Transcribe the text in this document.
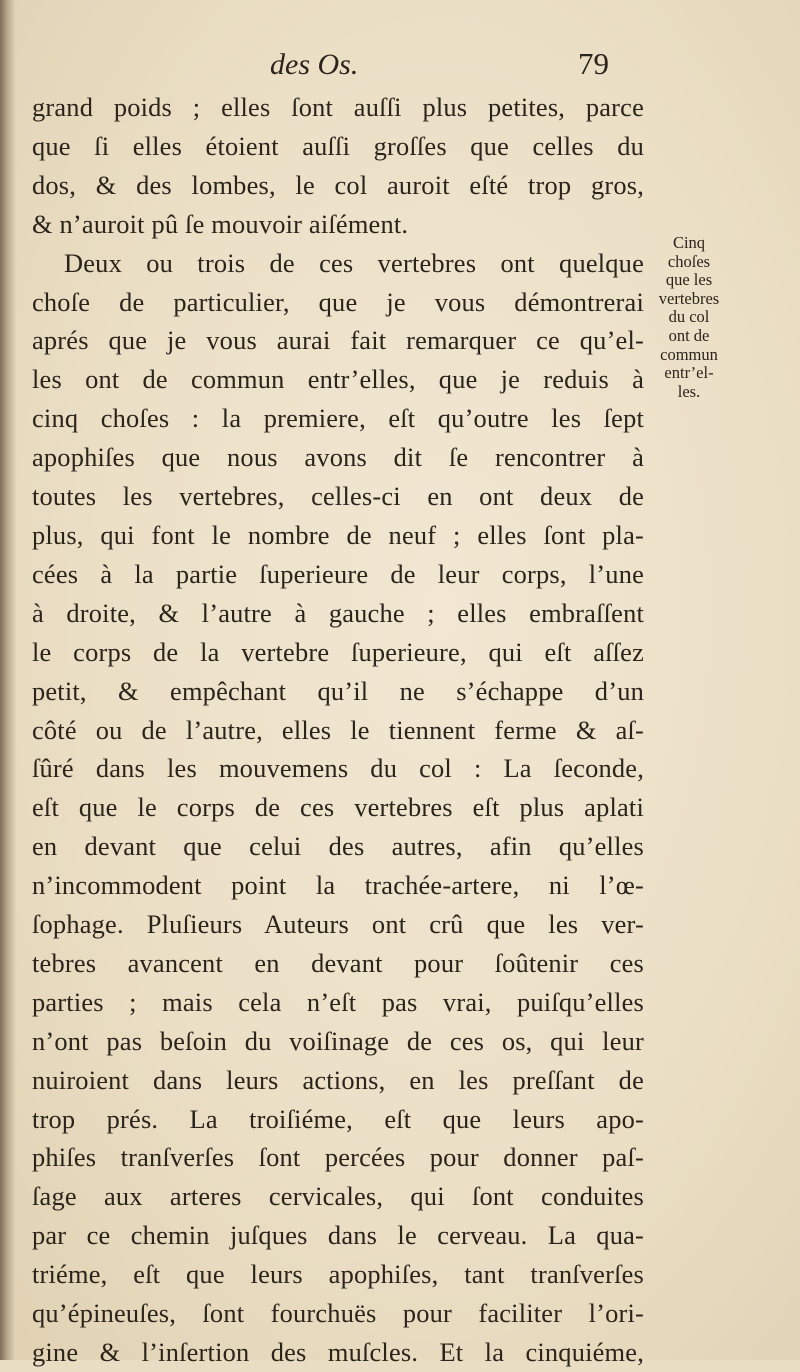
des Os.	79
grand poids ; elles ſont auſſi plus petites, parce
que ſi elles étoient auſſi groſſes que celles du
dos, & des lombes, le col auroit eſté trop gros,
& n’auroit pû ſe mouvoir aiſément.
Deux ou trois de ces vertebres ont quelque
choſe de particulier, que je vous démontrerai
aprés que je vous aurai fait remarquer ce qu’el-
les ont de commun entr’elles, que je reduis à
cinq choſes : la premiere, eſt qu’outre les ſept
apophiſes que nous avons dit ſe rencontrer à
toutes les vertebres, celles-ci en ont deux de
plus, qui font le nombre de neuf ; elles ſont pla-
cées à la partie ſuperieure de leur corps, l’une
à droite, & l’autre à gauche ; elles embraſſent
le corps de la vertebre ſuperieure, qui eſt aſſez
petit, & empêchant qu’il ne s’échappe d’un
côté ou de l’autre, elles le tiennent ferme & aſ-
ſûré dans les mouvemens du col : La ſeconde,
eſt que le corps de ces vertebres eſt plus aplati
en devant que celui des autres, afin qu’elles
n’incommodent point la trachée-artere, ni l’œ-
ſophage. Pluſieurs Auteurs ont crû que les ver-
tebres avancent en devant pour ſoûtenir ces
parties ; mais cela n’eſt pas vrai, puiſqu’elles
n’ont pas beſoin du voiſinage de ces os, qui leur
nuiroient dans leurs actions, en les preſſant de
trop prés. La troiſiéme, eſt que leurs apo-
phiſes tranſverſes ſont percées pour donner paſ-
ſage aux arteres cervicales, qui ſont conduites
par ce chemin juſques dans le cerveau. La qua-
triéme, eſt que leurs apophiſes, tant tranſverſes
qu’épineuſes, ſont fourchuës pour faciliter l’ori-
gine & l’inſertion des muſcles. Et la cinquiéme,
Cinq
choſes
que les
vertebres
du col
ont de
commun
entr’el-
les.
